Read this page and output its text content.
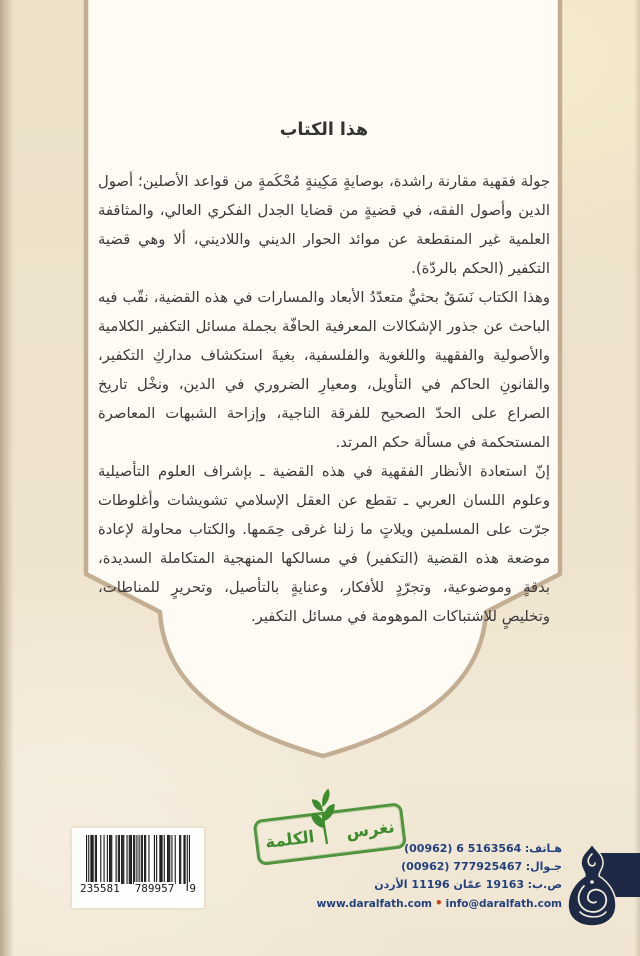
هذا الكتاب

جولة فقهية مقارنة راشدة، بوصايةٍ مَكِينةٍ مُحْكَمةٍ من قواعد الأصلين؛ أصول الدين وأصول الفقه، في قضيةٍ من قضايا الجدل الفكري العالي، والمثاقفة العلمية غير المنقطعة عن موائد الحوار الديني واللاديني، ألا وهي قضية التكفير (الحكم بالردّة).

وهذا الكتاب نَسَقٌ بحثيٌّ متعدّدُ الأبعاد والمسارات في هذه القضية، نقّب فيه الباحث عن جذور الإشكالات المعرفية الحافّة بجملة مسائل التكفير الكلامية والأصولية والفقهية واللغوية والفلسفية، بغيةَ استكشاف مداركِ التكفير، والقانونِ الحاكم في التأويل، ومعيارِ الضروري في الدين، ونخْل تاريخ الصراع على الحدّ الصحيح للفرقة الناجية، وإزاحة الشبهات المعاصرة المستحكمة في مسألة حكم المرتد.

إنّ استعادة الأنظار الفقهية في هذه القضية ـ بإشراف العلوم التأصيلية وعلوم اللسان العربي ـ تقطع عن العقل الإسلامي تشويشات وأغلوطات جرّت على المسلمين ويلاتٍ ما زلنا غرقى حِمَمها. والكتاب محاولة لإعادة موضعة هذه القضية (التكفير) في مسالكها المنهجية المتكاملة السديدة، بدقةٍ وموضوعية، وتجرّدٍ للأفكار، وعنايةٍ بالتأصيل، وتحريرٍ للمناطات، وتخليصٍ للاشتباكات الموهومة في مسائل التكفير.

نغرس
الكلمة
9
789957
235581
هـاتف: (00962) 6 5163564
جـوال: (00962) 777925467
ص.ب: 19163 عمّان 11196 الأردن
www.daralfath.com • info@daralfath.com
